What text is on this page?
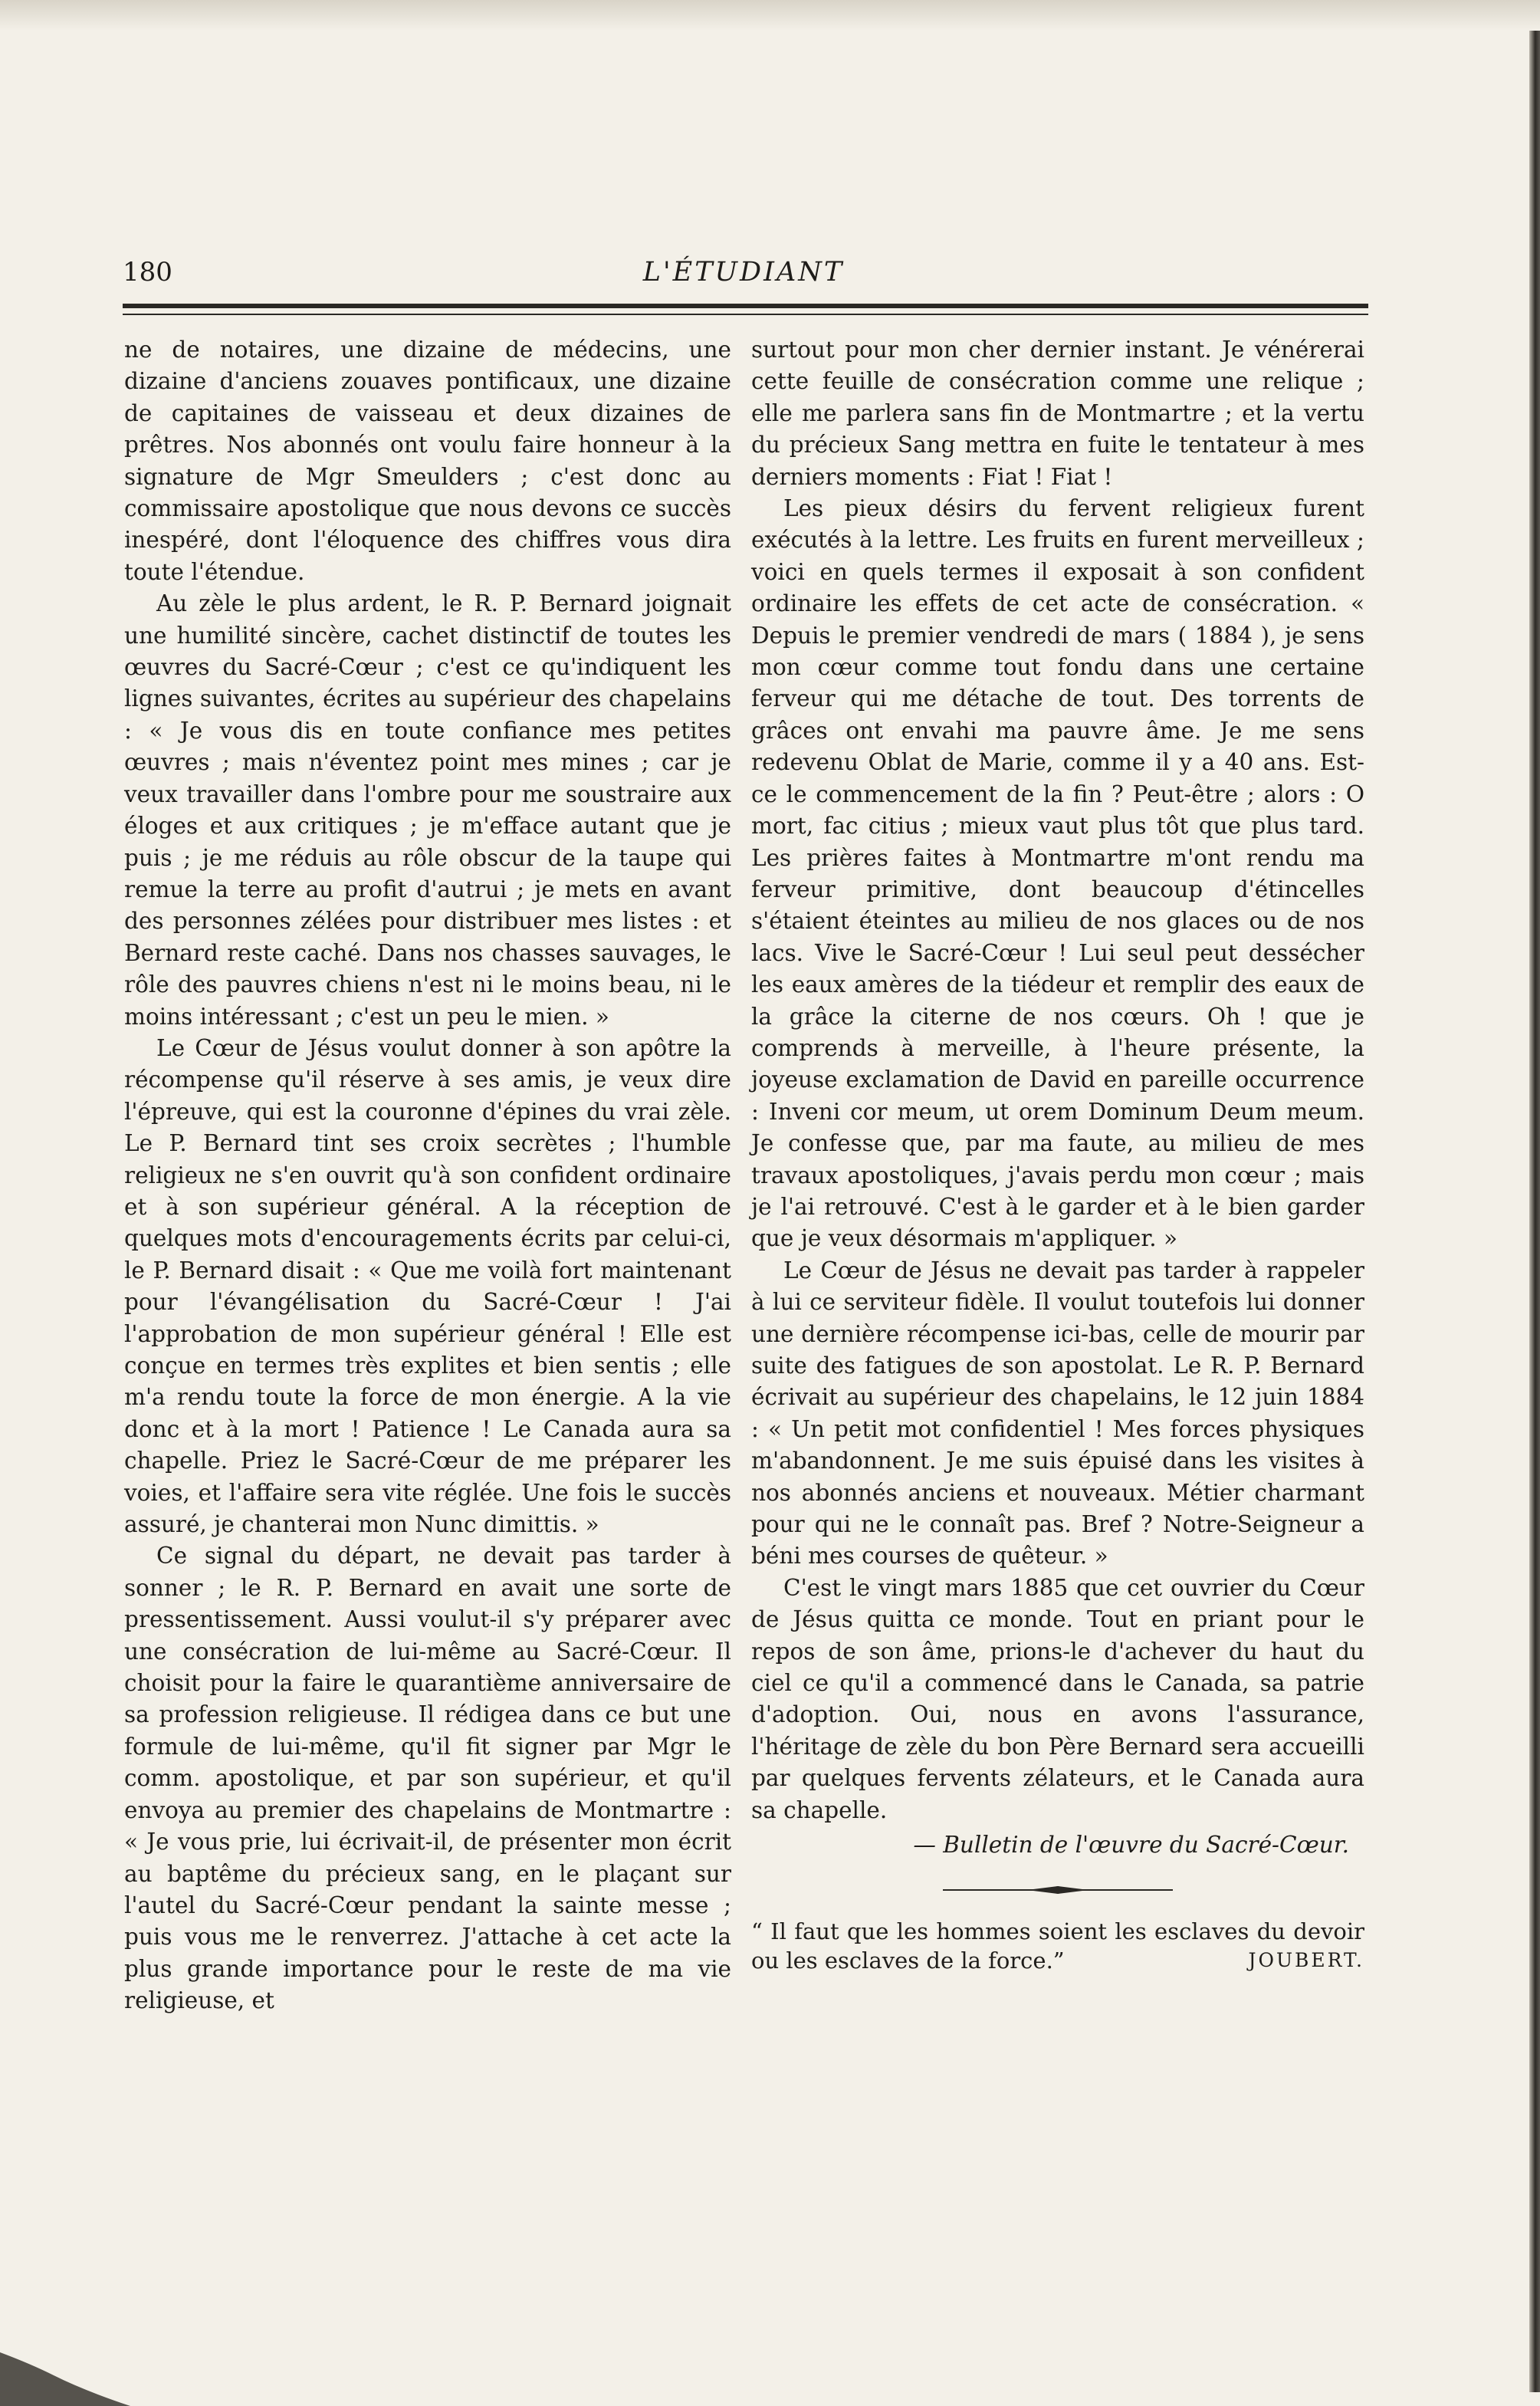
180	L'ÉTUDIANT

ne de notaires, une dizaine de médecins, une dizaine d'anciens zouaves pontificaux, une dizaine de capitaines de vaisseau et deux dizaines de prêtres. Nos abonnés ont voulu faire honneur à la signature de Mgr Smeulders ; c'est donc au commissaire apostolique que nous devons ce succès inespéré, dont l'éloquence des chiffres vous dira toute l'étendue.

Au zèle le plus ardent, le R. P. Bernard joignait une humilité sincère, cachet distinctif de toutes les œuvres du Sacré-Cœur ; c'est ce qu'indiquent les lignes suivantes, écrites au supérieur des chapelains : « Je vous dis en toute confiance mes petites œuvres ; mais n'éventez point mes mines ; car je veux travailler dans l'ombre pour me soustraire aux éloges et aux critiques ; je m'efface autant que je puis ; je me réduis au rôle obscur de la taupe qui remue la terre au profit d'autrui ; je mets en avant des personnes zélées pour distribuer mes listes : et Bernard reste caché. Dans nos chasses sauvages, le rôle des pauvres chiens n'est ni le moins beau, ni le moins intéressant ; c'est un peu le mien. »

Le Cœur de Jésus voulut donner à son apôtre la récompense qu'il réserve à ses amis, je veux dire l'épreuve, qui est la couronne d'épines du vrai zèle. Le P. Bernard tint ses croix secrètes ; l'humble religieux ne s'en ouvrit qu'à son confident ordinaire et à son supérieur général. A la réception de quelques mots d'encouragements écrits par celui-ci, le P. Bernard disait : « Que me voilà fort maintenant pour l'évangélisation du Sacré-Cœur ! J'ai l'approbation de mon supérieur général ! Elle est conçue en termes très explites et bien sentis ; elle m'a rendu toute la force de mon énergie. A la vie donc et à la mort ! Patience ! Le Canada aura sa chapelle. Priez le Sacré-Cœur de me préparer les voies, et l'affaire sera vite réglée. Une fois le succès assuré, je chanterai mon Nunc dimittis. »

Ce signal du départ, ne devait pas tarder à sonner ; le R. P. Bernard en avait une sorte de pressentissement. Aussi voulut-il s'y préparer avec une consécration de lui-même au Sacré-Cœur. Il choisit pour la faire le quarantième anniversaire de sa profession religieuse. Il rédigea dans ce but une formule de lui-même, qu'il fit signer par Mgr le comm. apostolique, et par son supérieur, et qu'il envoya au premier des chapelains de Montmartre : « Je vous prie, lui écrivait-il, de présenter mon écrit au baptême du précieux sang, en le plaçant sur l'autel du Sacré-Cœur pendant la sainte messe ; puis vous me le renverrez. J'attache à cet acte la plus grande importance pour le reste de ma vie religieuse, et

surtout pour mon cher dernier instant. Je vénérerai cette feuille de consécration comme une relique ; elle me parlera sans fin de Montmartre ; et la vertu du précieux Sang mettra en fuite le tentateur à mes derniers moments : Fiat ! Fiat !

Les pieux désirs du fervent religieux furent exécutés à la lettre. Les fruits en furent merveilleux ; voici en quels termes il exposait à son confident ordinaire les effets de cet acte de consécration. « Depuis le premier vendredi de mars ( 1884 ), je sens mon cœur comme tout fondu dans une certaine ferveur qui me détache de tout. Des torrents de grâces ont envahi ma pauvre âme. Je me sens redevenu Oblat de Marie, comme il y a 40 ans. Est-ce le commencement de la fin ? Peut-être ; alors : O mort, fac citius ; mieux vaut plus tôt que plus tard. Les prières faites à Montmartre m'ont rendu ma ferveur primitive, dont beaucoup d'étincelles s'étaient éteintes au milieu de nos glaces ou de nos lacs. Vive le Sacré-Cœur ! Lui seul peut dessécher les eaux amères de la tiédeur et remplir des eaux de la grâce la citerne de nos cœurs. Oh ! que je comprends à merveille, à l'heure présente, la joyeuse exclamation de David en pareille occurrence : Inveni cor meum, ut orem Dominum Deum meum. Je confesse que, par ma faute, au milieu de mes travaux apostoliques, j'avais perdu mon cœur ; mais je l'ai retrouvé. C'est à le garder et à le bien garder que je veux désormais m'appliquer. »

Le Cœur de Jésus ne devait pas tarder à rappeler à lui ce serviteur fidèle. Il voulut toutefois lui donner une dernière récompense ici-bas, celle de mourir par suite des fatigues de son apostolat. Le R. P. Bernard écrivait au supérieur des chapelains, le 12 juin 1884 : « Un petit mot confidentiel ! Mes forces physiques m'abandonnent. Je me suis épuisé dans les visites à nos abonnés anciens et nouveaux. Métier charmant pour qui ne le connaît pas. Bref ? Notre-Seigneur a béni mes courses de quêteur. »

C'est le vingt mars 1885 que cet ouvrier du Cœur de Jésus quitta ce monde. Tout en priant pour le repos de son âme, prions-le d'achever du haut du ciel ce qu'il a commencé dans le Canada, sa patrie d'adoption. Oui, nous en avons l'assurance, l'héritage de zèle du bon Père Bernard sera accueilli par quelques fervents zélateurs, et le Canada aura sa chapelle.

— Bulletin de l'œuvre du Sacré-Cœur.
“ Il faut que les hommes soient les esclaves du devoir ou les esclaves de la force.”	JOUBERT.
